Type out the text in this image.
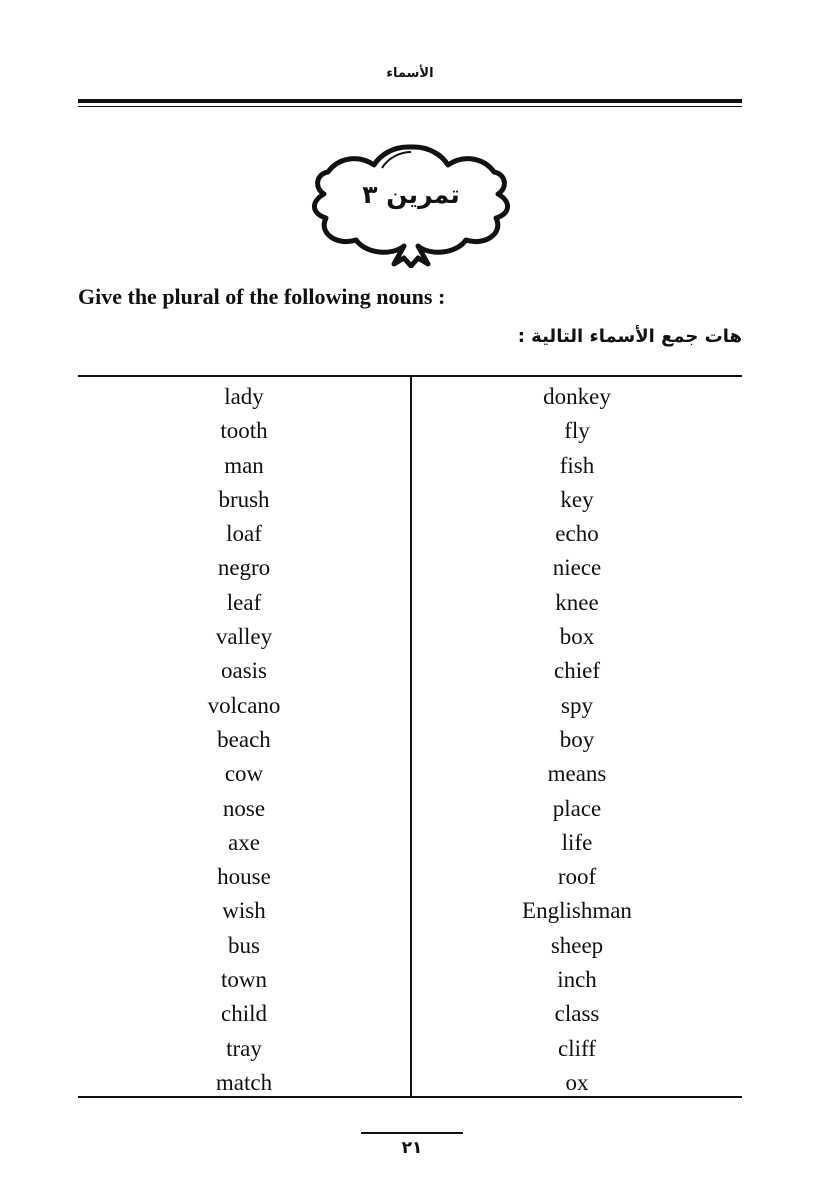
الأسماء
تمرين ٣
Give the plural of the following nouns :
هات جمع الأسماء التالية :
lady
tooth
man
brush
loaf
negro
leaf
valley
oasis
volcano
beach
cow
nose
axe
house
wish
bus
town
child
tray
match
donkey
fly
fish
key
echo
niece
knee
box
chief
spy
boy
means
place
life
roof
Englishman
sheep
inch
class
cliff
ox
٢١
